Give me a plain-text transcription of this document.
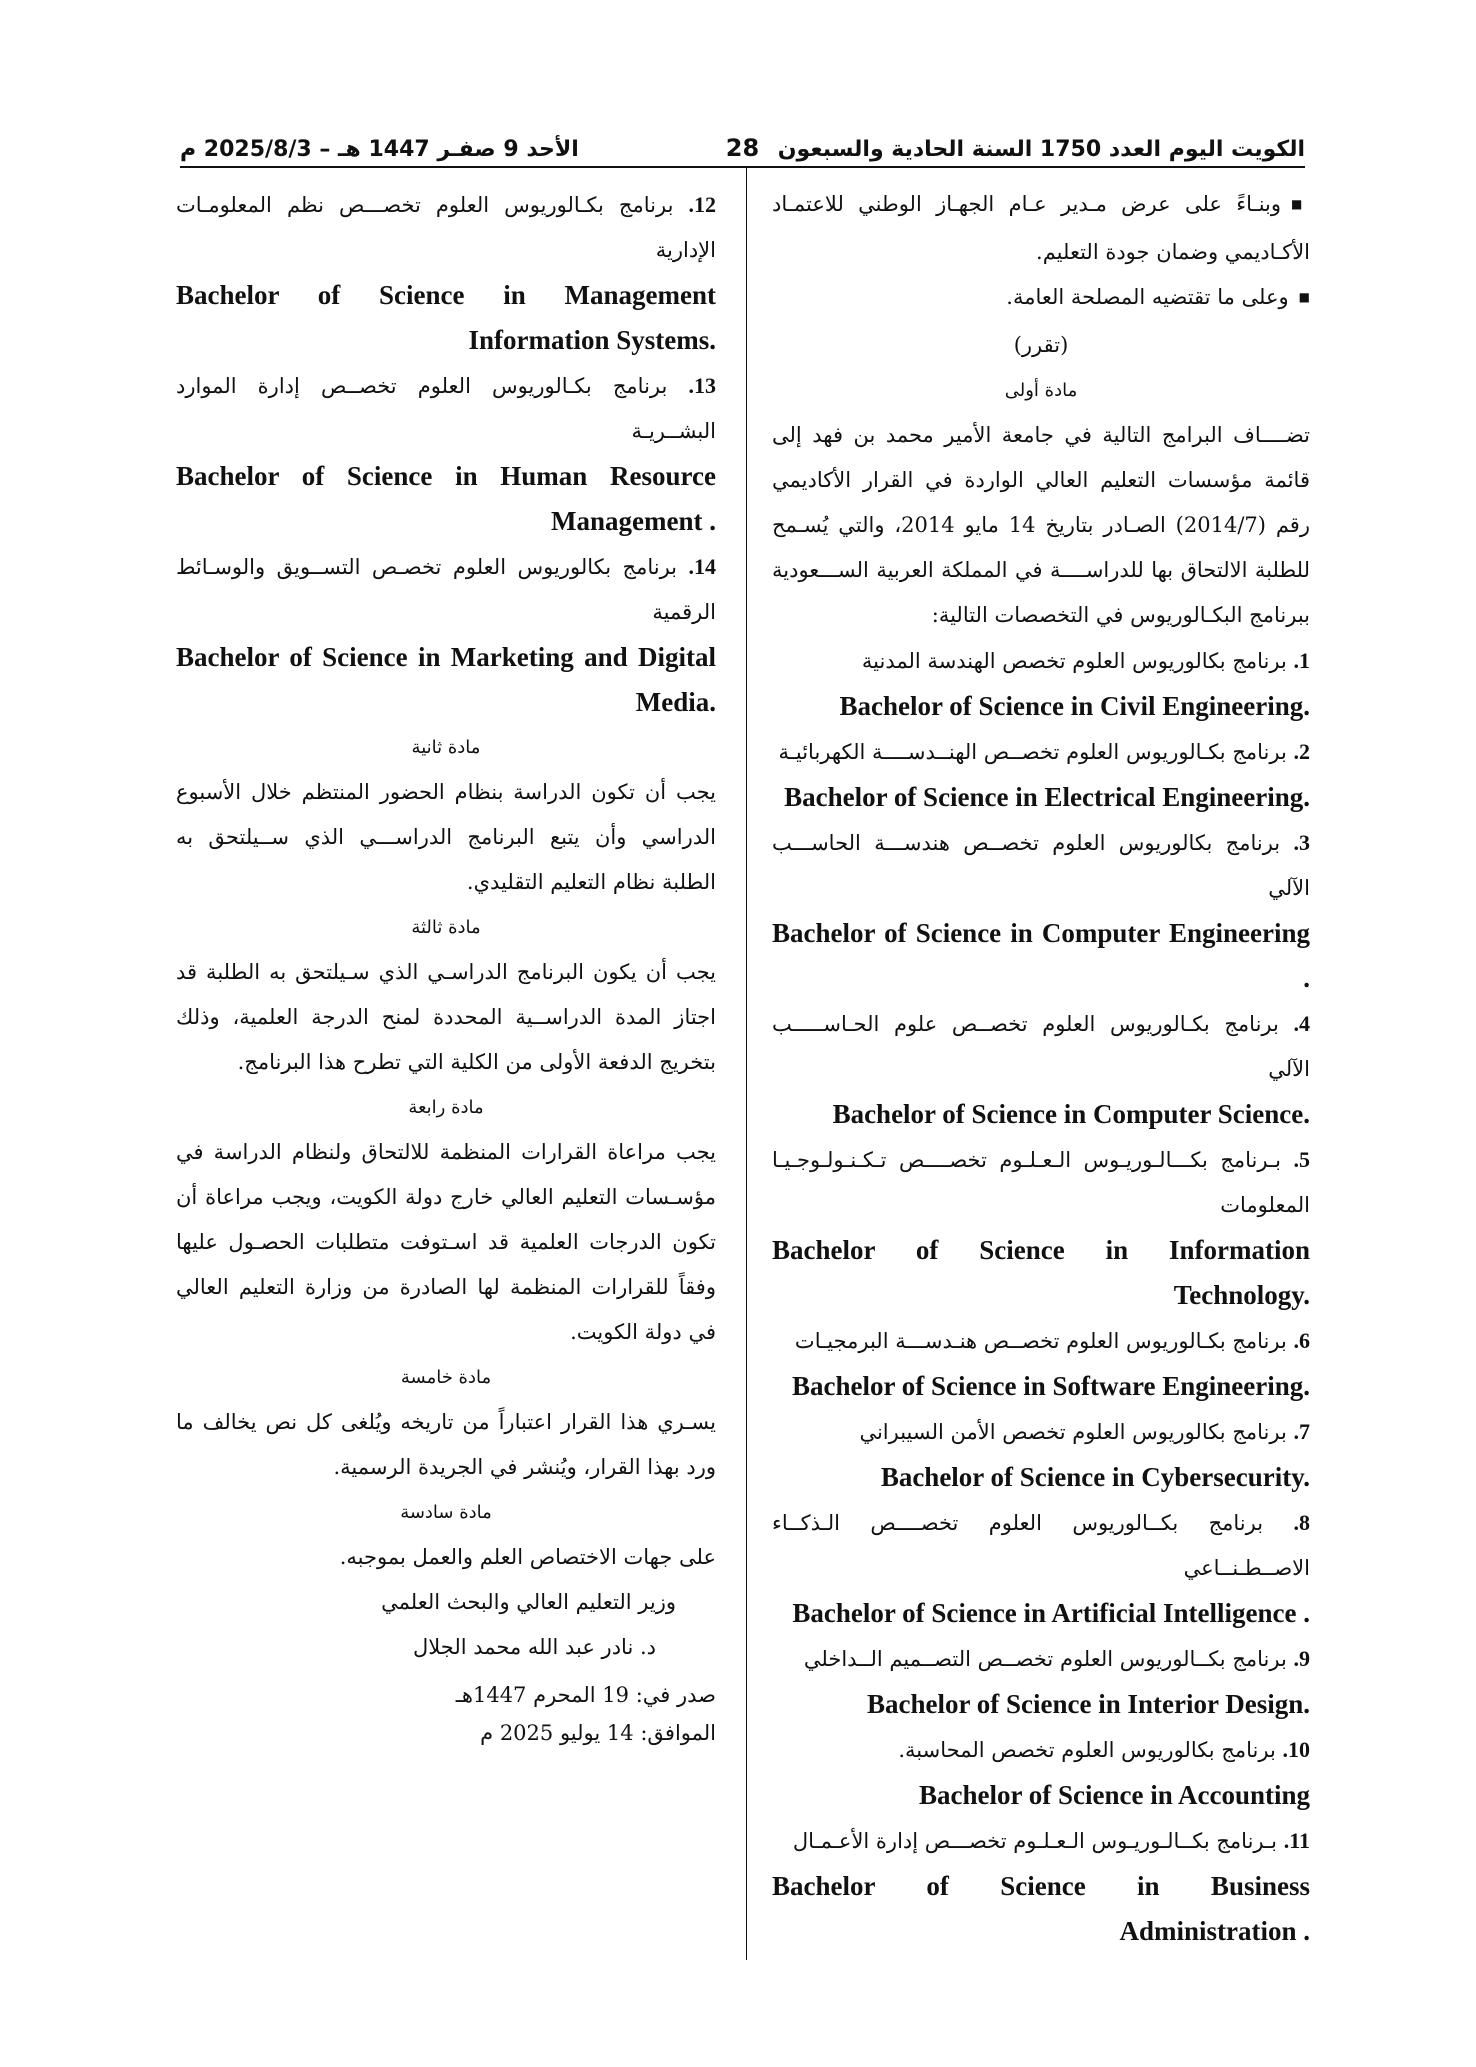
الكويت اليوم العدد 1750 السنة الحادية والسبعون
28
الأحد 9 صفـر 1447 هـ – 2025/8/3 م
■ وبنـاءً على عرض مـدير عـام الجهـاز الوطني للاعتمـاد الأكـاديمي وضمان جودة التعليم.
■ وعلى ما تقتضيه المصلحة العامة.
(تقرر)
مادة أولى
تضــــاف البرامج التالية في جامعة الأمير محمد بن فهد إلى قائمة مؤسسات التعليم العالي الواردة في القرار الأكاديمي رقم (2014/7) الصـادر بتاريخ 14 مايو 2014، والتي يُسـمح للطلبة الالتحاق بها للدراســــة في المملكة العربية الســـعودية ببرنامج البكـالوريوس في التخصصات التالية:
1. برنامج بكالوريوس العلوم تخصص الهندسة المدنية
Bachelor of Science in Civil Engineering.
2. برنامج بكـالوريوس العلوم تخصــص الهنــدســــة الكهربائيـة
Bachelor of Science in Electrical Engineering.
3. برنامج بكالوريوس العلوم تخصــص هندســـة الحاســـب الآلي
Bachelor of Science in Computer Engineering .
4. برنامج بكـالوريوس العلوم تخصــص علوم الحـاســـــب الآلي
Bachelor of Science in Computer Science.
5. بـرنامج بكـــالـوريـوس الـعـلـوم تخصــــص تـكـنـولـوجـيـا المعلومات
Bachelor of Science in Information Technology.
6. برنامج بكـالوريوس العلوم تخصــص هنـدســـة البرمجيـات
Bachelor of Science in Software Engineering.
7. برنامج بكالوريوس العلوم تخصص الأمن السيبراني
Bachelor of Science in Cybersecurity.
8. برنامج بكــالوريوس العلوم تخصــــص الـذكــاء الاصــطـنــاعي
Bachelor of Science in Artificial Intelligence .
9. برنامج بكــالوريوس العلوم تخصــص التصــميم الــداخلي
Bachelor of Science in Interior Design.
10. برنامج بكالوريوس العلوم تخصص المحاسبة.
Bachelor of Science in Accounting
11. بـرنامج بكــالـوريـوس الـعـلـوم تخصـــص إدارة الأعـمـال
Bachelor of Science in Business Administration .
12. برنامج بكـالوريوس العلوم تخصـــص نظم المعلومـات الإدارية
Bachelor of Science in Management Information Systems.
13. برنامج بكـالوريوس العلوم تخصــص إدارة الموارد البشــريـة
Bachelor of Science in Human Resource Management .
14. برنامج بكالوريوس العلوم تخصـص التســويق والوسـائط الرقمية
Bachelor of Science in Marketing and Digital Media.
مادة ثانية
يجب أن تكون الدراسة بنظام الحضور المنتظم خلال الأسبوع الدراسي وأن يتبع البرنامج الدراســـي الذي ســيلتحق به الطلبة نظام التعليم التقليدي.
مادة ثالثة
يجب أن يكون البرنامج الدراسـي الذي سـيلتحق به الطلبة قد اجتاز المدة الدراســية المحددة لمنح الدرجة العلمية، وذلك بتخريج الدفعة الأولى من الكلية التي تطرح هذا البرنامج.
مادة رابعة
يجب مراعاة القرارات المنظمة للالتحاق ولنظام الدراسة في مؤسـسات التعليم العالي خارج دولة الكويت، ويجب مراعاة أن تكون الدرجات العلمية قد اسـتوفت متطلبات الحصـول عليها وفقاً للقرارات المنظمة لها الصادرة من وزارة التعليم العالي في دولة الكويت.
مادة خامسة
يسـري هذا القرار اعتباراً من تاريخه ويُلغى كل نص يخالف ما ورد بهذا القرار، ويُنشر في الجريدة الرسمية.
مادة سادسة
على جهات الاختصاص العلم والعمل بموجبه.
وزير التعليم العالي والبحث العلمي
د. نادر عبد الله محمد الجلال
صدر في: 19 المحرم 1447هـ
الموافق: 14 يوليو 2025 م
